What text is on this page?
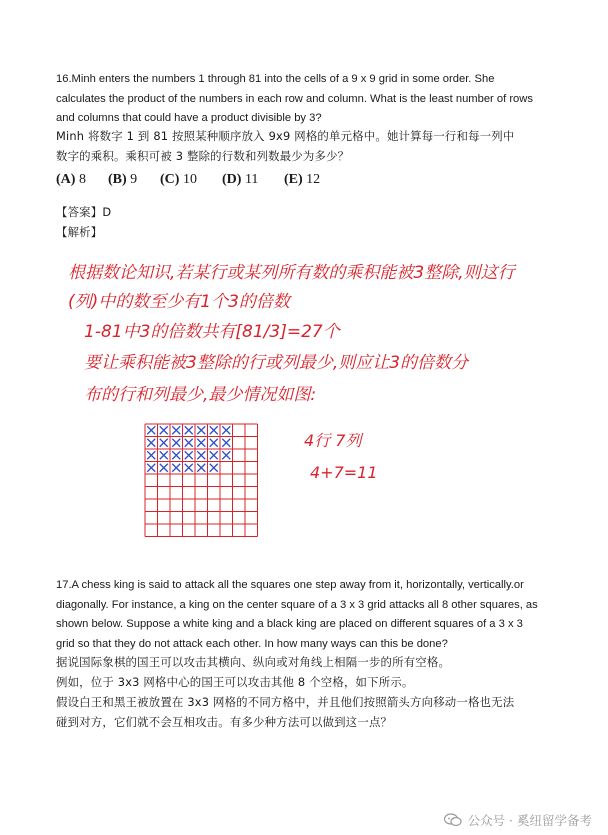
16.Minh enters the numbers 1 through 81 into the cells of a 9 x 9 grid in some order. She

calculates the product of the numbers in each row and column. What is the least number of rows

and columns that could have a product divisible by 3?

Minh 将数字 1 到 81 按照某种顺序放入 9x9 网格的单元格中。她计算每一行和每一列中

数字的乘积。乘积可被 3 整除的行数和列数最少为多少？

(A) 8 (B) 9 (C) 10 (D) 11 (E) 12

【答案】D

【解析】

根据数论知识,若某行或某列所有数的乘积能被3整除,则这行
(列)中的数至少有1个3的倍数
1-81中3的倍数共有[81/3]=27个
要让乘积能被3整除的行或列最少,则应让3的倍数分
布的行和列最少,最少情况如图:
4行 7列
4+7=11

17.A chess king is said to attack all the squares one step away from it, horizontally, vertically.or

diagonally. For instance, a king on the center square of a 3 x 3 grid attacks all 8 other squares, as

shown below. Suppose a white king and a black king are placed on different squares of a 3 x 3

grid so that they do not attack each other. In how many ways can this be done?

据说国际象棋的国王可以攻击其横向、纵向或对角线上相隔一步的所有空格。

例如，位于 3x3 网格中心的国王可以攻击其他 8 个空格，如下所示。

假设白王和黑王被放置在 3x3 网格的不同方格中，并且他们按照箭头方向移动一格也无法

碰到对方，它们就不会互相攻击。有多少种方法可以做到这一点？

公众号 · 奚纽留学备考
